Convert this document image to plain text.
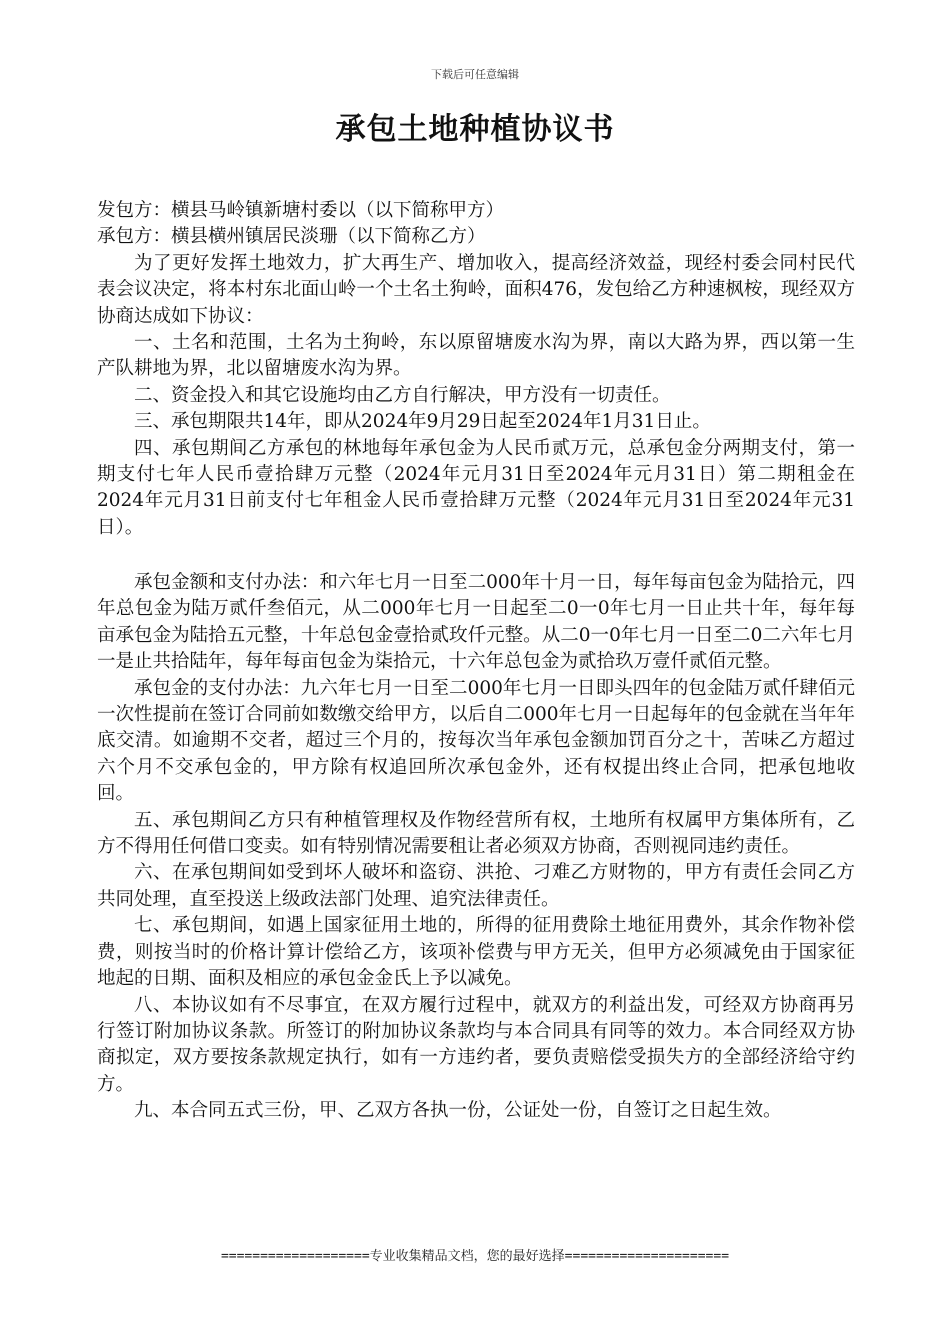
下载后可任意编辑
承包土地种植协议书

发包方：横县马岭镇新塘村委以（以下简称甲方）

承包方：横县横州镇居民淡珊（以下简称乙方）

为了更好发挥土地效力，扩大再生产、增加收入，提高经济效益，现经村委会同村民代表会议决定，将本村东北面山岭一个土名土狗岭，面积476，发包给乙方种速枫桉，现经双方协商达成如下协议：

一、土名和范围，土名为土狗岭，东以原留塘废水沟为界，南以大路为界，西以第一生产队耕地为界，北以留塘废水沟为界。

二、资金投入和其它设施均由乙方自行解决，甲方没有一切责任。

三、承包期限共14年，即从2024年9月29日起至2024年1月31日止。

四、承包期间乙方承包的林地每年承包金为人民币贰万元，总承包金分两期支付，第一期支付七年人民币壹拾肆万元整（2024年元月31日至2024年元月31日）第二期租金在2024年元月31日前支付七年租金人民币壹拾肆万元整（2024年元月31日至2024年元31日）。

承包金额和支付办法：和六年七月一日至二000年十月一日，每年每亩包金为陆拾元，四年总包金为陆万贰仟叁佰元，从二000年七月一日起至二0一0年七月一日止共十年，每年每亩承包金为陆拾五元整，十年总包金壹拾贰玫仟元整。从二0一0年七月一日至二0二六年七月一是止共拾陆年，每年每亩包金为柒拾元，十六年总包金为贰拾玖万壹仟贰佰元整。

承包金的支付办法：九六年七月一日至二000年七月一日即头四年的包金陆万贰仟肆佰元一次性提前在签订合同前如数缴交给甲方，以后自二000年七月一日起每年的包金就在当年年底交清。如逾期不交者，超过三个月的，按每次当年承包金额加罚百分之十，苦味乙方超过六个月不交承包金的，甲方除有权追回所次承包金外，还有权提出终止合同，把承包地收回。

五、承包期间乙方只有种植管理权及作物经营所有权，土地所有权属甲方集体所有，乙方不得用任何借口变卖。如有特别情况需要租让者必须双方协商，否则视同违约责任。

六、在承包期间如受到坏人破坏和盗窃、洪抢、刁难乙方财物的，甲方有责任会同乙方共同处理，直至投送上级政法部门处理、追究法律责任。

七、承包期间，如遇上国家征用土地的，所得的征用费除土地征用费外，其余作物补偿费，则按当时的价格计算计偿给乙方，该项补偿费与甲方无关，但甲方必须减免由于国家征地起的日期、面积及相应的承包金金氏上予以减免。

八、本协议如有不尽事宜，在双方履行过程中，就双方的利益出发，可经双方协商再另行签订附加协议条款。所签订的附加协议条款均与本合同具有同等的效力。本合同经双方协商拟定，双方要按条款规定执行，如有一方违约者，要负责赔偿受损失方的全部经济给守约方。

九、本合同五式三份，甲、乙双方各执一份，公证处一份，自签订之日起生效。

===================专业收集精品文档，您的最好选择=====================
